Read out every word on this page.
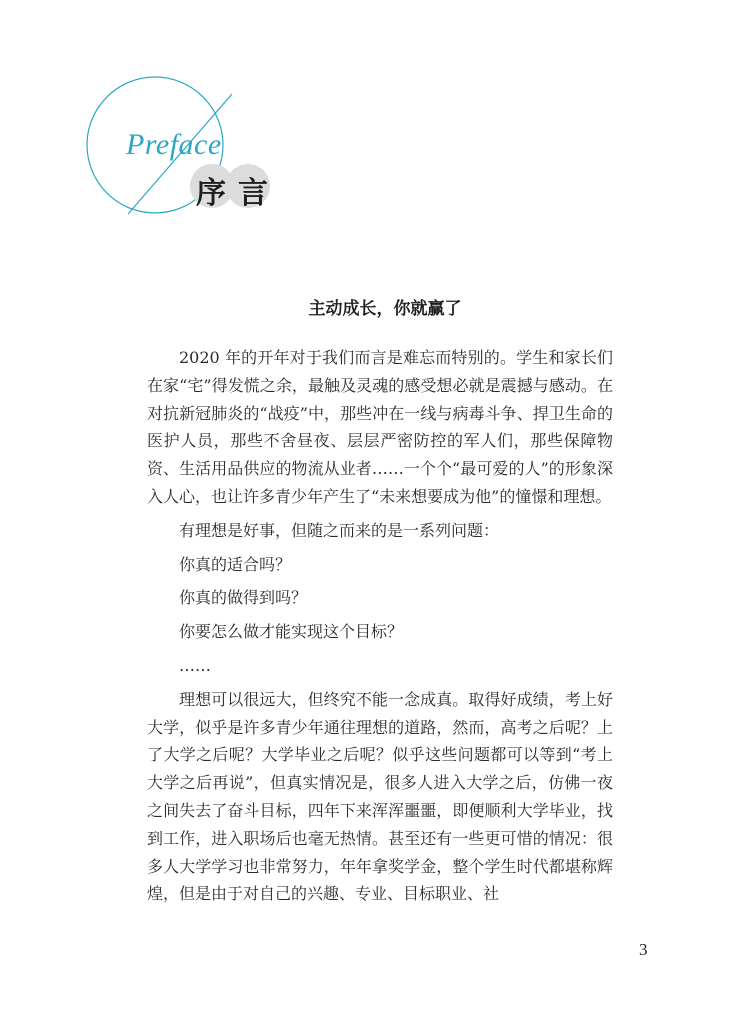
Preface
序言
主动成长，你就赢了

2020 年的开年对于我们而言是难忘而特别的。学生和家长们在家“宅”得发慌之余，最触及灵魂的感受想必就是震撼与感动。在对抗新冠肺炎的“战疫”中，那些冲在一线与病毒斗争、捍卫生命的医护人员，那些不舍昼夜、层层严密防控的军人们，那些保障物资、生活用品供应的物流从业者……一个个“最可爱的人”的形象深入人心，也让许多青少年产生了“未来想要成为他”的憧憬和理想。

有理想是好事，但随之而来的是一系列问题：

你真的适合吗？

你真的做得到吗？

你要怎么做才能实现这个目标？

……

理想可以很远大，但终究不能一念成真。取得好成绩，考上好大学，似乎是许多青少年通往理想的道路，然而，高考之后呢？上了大学之后呢？大学毕业之后呢？似乎这些问题都可以等到“考上大学之后再说”，但真实情况是，很多人进入大学之后，仿佛一夜之间失去了奋斗目标，四年下来浑浑噩噩，即便顺利大学毕业，找到工作，进入职场后也毫无热情。甚至还有一些更可惜的情况：很多人大学学习也非常努力，年年拿奖学金，整个学生时代都堪称辉煌，但是由于对自己的兴趣、专业、目标职业、社

3
